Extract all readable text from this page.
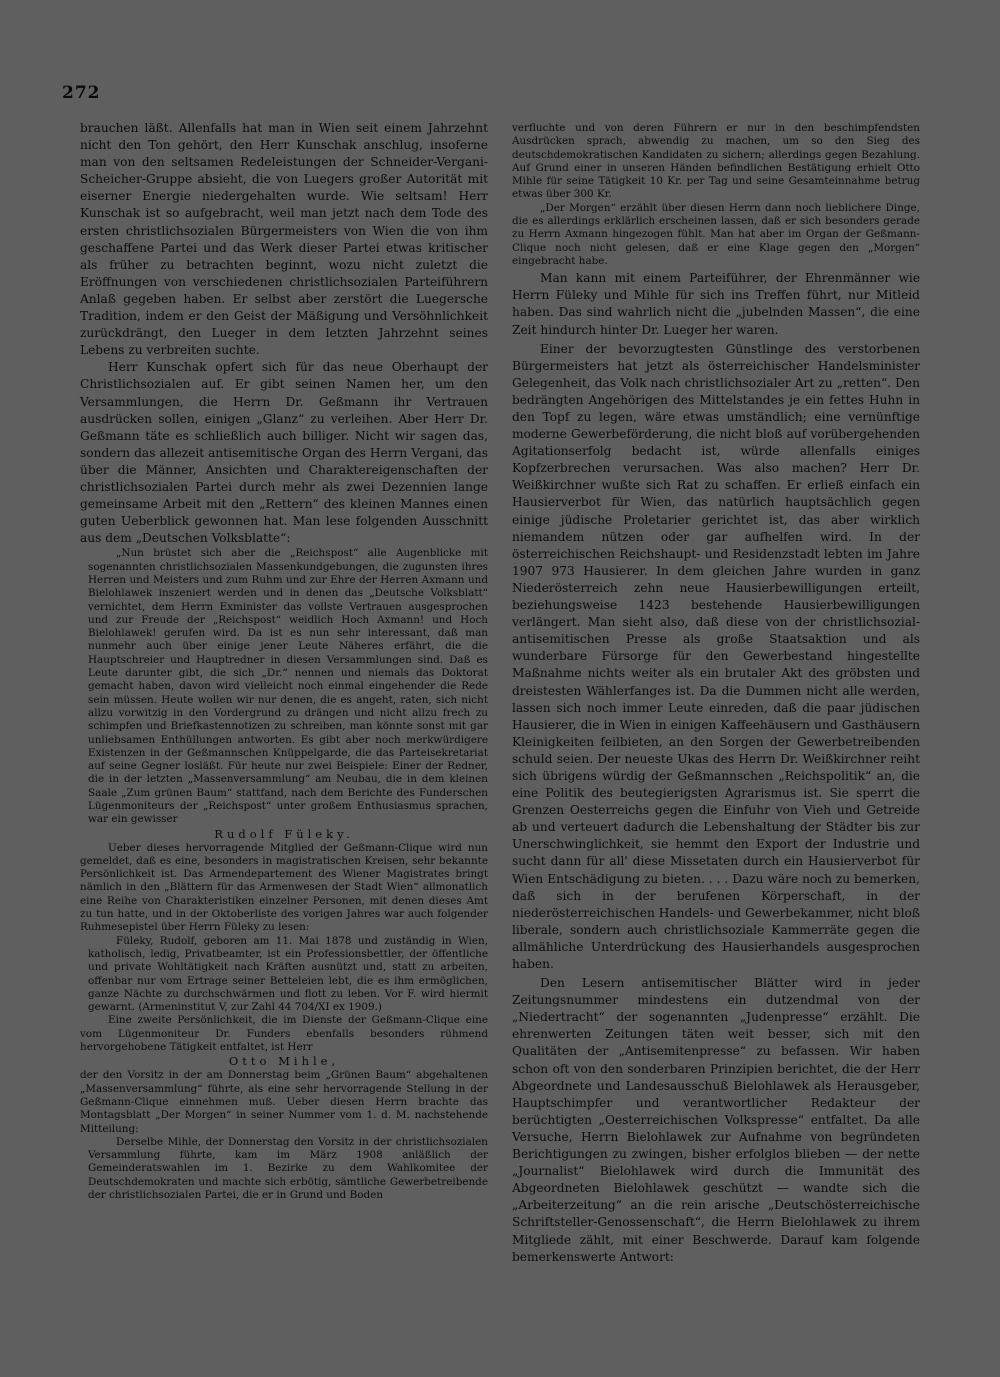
272

brauchen läßt. Allenfalls hat man in Wien seit einem Jahrzehnt nicht den Ton gehört, den Herr Kunschak anschlug, insoferne man von den seltsamen Redeleistungen der Schneider-Vergani-Scheicher-Gruppe absieht, die von Luegers großer Autorität mit eiserner Energie niedergehalten wurde. Wie seltsam! Herr Kunschak ist so aufgebracht, weil man jetzt nach dem Tode des ersten christlichsozialen Bürgermeisters von Wien die von ihm geschaffene Partei und das Werk dieser Partei etwas kritischer als früher zu betrachten beginnt, wozu nicht zuletzt die Eröffnungen von verschiedenen christlichsozialen Parteiführern Anlaß gegeben haben. Er selbst aber zerstört die Luegersche Tradition, indem er den Geist der Mäßigung und Versöhnlichkeit zurückdrängt, den Lueger in dem letzten Jahrzehnt seines Lebens zu verbreiten suchte.

Herr Kunschak opfert sich für das neue Oberhaupt der Christlichsozialen auf. Er gibt seinen Namen her, um den Versammlungen, die Herrn Dr. Geßmann ihr Vertrauen ausdrücken sollen, einigen „Glanz“ zu verleihen. Aber Herr Dr. Geßmann täte es schließlich auch billiger. Nicht wir sagen das, sondern das allezeit antisemitische Organ des Herrn Vergani, das über die Männer, Ansichten und Charaktereigenschaften der christlichsozialen Partei durch mehr als zwei Dezennien lange gemeinsame Arbeit mit den „Rettern“ des kleinen Mannes einen guten Ueberblick gewonnen hat. Man lese folgenden Ausschnitt aus dem „Deutschen Volksblatte“:

„Nun brüstet sich aber die „Reichspost“ alle Augenblicke mit sogenannten christlichsozialen Massenkundgebungen, die zugunsten ihres Herren und Meisters und zum Ruhm und zur Ehre der Herren Axmann und Bielohlawek inszeniert werden und in denen das „Deutsche Volksblatt“ vernichtet, dem Herrn Exminister das vollste Vertrauen ausgesprochen und zur Freude der „Reichspost“ weidlich Hoch Axmann! und Hoch Bielohlawek! gerufen wird. Da ist es nun sehr interessant, daß man nunmehr auch über einige jener Leute Näheres erfährt, die die Hauptschreier und Hauptredner in diesen Versammlungen sind. Daß es Leute darunter gibt, die sich „Dr.“ nennen und niemals das Doktorat gemacht haben, davon wird vielleicht noch einmal eingehender die Rede sein müssen. Heute wollen wir nur denen, die es angeht, raten, sich nicht allzu vorwitzig in den Vordergrund zu drängen und nicht allzu frech zu schimpfen und Briefkastennotizen zu schreiben, man könnte sonst mit gar unliebsamen Enthüllungen antworten. Es gibt aber noch merkwürdigere Existenzen in der Geßmannschen Knüppelgarde, die das Parteisekretariat auf seine Gegner losläßt. Für heute nur zwei Beispiele: Einer der Redner, die in der letzten „Massenversammlung“ am Neubau, die in dem kleinen Saale „Zum grünen Baum“ stattfand, nach dem Berichte des Funderschen Lügenmoniteurs der „Reichspost“ unter großem Enthusiasmus sprachen, war ein gewisser

Rudolf Füleky.

Ueber dieses hervorragende Mitglied der Geßmann-Clique wird nun gemeldet, daß es eine, besonders in magistratischen Kreisen, sehr bekannte Persönlichkeit ist. Das Armendepartement des Wiener Magistrates bringt nämlich in den „Blättern für das Armenwesen der Stadt Wien“ allmonatlich eine Reihe von Charakteristiken einzelner Personen, mit denen dieses Amt zu tun hatte, und in der Oktoberliste des vorigen Jahres war auch folgender Ruhmesepistel über Herrn Füleky zu lesen:

Füleky, Rudolf, geboren am 11. Mai 1878 und zuständig in Wien, katholisch, ledig, Privatbeamter, ist ein Professionsbettler, der öffentliche und private Wohltätigkeit nach Kräften ausnützt und, statt zu arbeiten, offenbar nur vom Ertrage seiner Betteleien lebt, die es ihm ermöglichen, ganze Nächte zu durchschwärmen und flott zu leben. Vor F. wird hiermit gewarnt. (Armeninstitut V, zur Zahl 44 704/XI ex 1909.)

Eine zweite Persönlichkeit, die im Dienste der Geßmann-Clique eine vom Lügenmoniteur Dr. Funders ebenfalls besonders rühmend hervorgehobene Tätigkeit entfaltet, ist Herr

Otto Mihle,

der den Vorsitz in der am Donnerstag beim „Grünen Baum“ abgehaltenen „Massenversammlung“ führte, als eine sehr hervorragende Stellung in der Geßmann-Clique einnehmen muß. Ueber diesen Herrn brachte das Montagsblatt „Der Morgen“ in seiner Nummer vom 1. d. M. nachstehende Mitteilung:

Derselbe Mihle, der Donnerstag den Vorsitz in der christlichsozialen Versammlung führte, kam im März 1908 anläßlich der Gemeinderatswahlen im 1. Bezirke zu dem Wahlkomitee der Deutschdemokraten und machte sich erbötig, sämtliche Gewerbetreibende der christlichsozialen Partei, die er in Grund und Boden

verfluchte und von deren Führern er nur in den beschimpfendsten Ausdrücken sprach, abwendig zu machen, um so den Sieg des deutschdemokratischen Kandidaten zu sichern; allerdings gegen Bezahlung. Auf Grund einer in unseren Händen befindlichen Bestätigung erhielt Otto Mihle für seine Tätigkeit 10 Kr. per Tag und seine Gesamteinnahme betrug etwas über 300 Kr.

„Der Morgen“ erzählt über diesen Herrn dann noch lieblichere Dinge, die es allerdings erklärlich erscheinen lassen, daß er sich besonders gerade zu Herrn Axmann hingezogen fühlt. Man hat aber im Organ der Geßmann-Clique noch nicht gelesen, daß er eine Klage gegen den „Morgen“ eingebracht habe.

Man kann mit einem Parteiführer, der Ehrenmänner wie Herrn Füleky und Mihle für sich ins Treffen führt, nur Mitleid haben. Das sind wahrlich nicht die „jubelnden Massen“, die eine Zeit hindurch hinter Dr. Lueger her waren.

Einer der bevorzugtesten Günstlinge des verstorbenen Bürgermeisters hat jetzt als österreichischer Handelsminister Gelegenheit, das Volk nach christlichsozialer Art zu „retten“. Den bedrängten Angehörigen des Mittelstandes je ein fettes Huhn in den Topf zu legen, wäre etwas umständlich; eine vernünftige moderne Gewerbeförderung, die nicht bloß auf vorübergehenden Agitationserfolg bedacht ist, würde allenfalls einiges Kopfzerbrechen verursachen. Was also machen? Herr Dr. Weißkirchner wußte sich Rat zu schaffen. Er erließ einfach ein Hausierverbot für Wien, das natürlich hauptsächlich gegen einige jüdische Proletarier gerichtet ist, das aber wirklich niemandem nützen oder gar aufhelfen wird. In der österreichischen Reichshaupt- und Residenzstadt lebten im Jahre 1907 973 Hausierer. In dem gleichen Jahre wurden in ganz Niederösterreich zehn neue Hausierbewilligungen erteilt, beziehungsweise 1423 bestehende Hausierbewilligungen verlängert. Man sieht also, daß diese von der christlichsozial-antisemitischen Presse als große Staatsaktion und als wunderbare Fürsorge für den Gewerbestand hingestellte Maßnahme nichts weiter als ein brutaler Akt des gröbsten und dreistesten Wählerfanges ist. Da die Dummen nicht alle werden, lassen sich noch immer Leute einreden, daß die paar jüdischen Hausierer, die in Wien in einigen Kaffeehäusern und Gasthäusern Kleinigkeiten feilbieten, an den Sorgen der Gewerbetreibenden schuld seien. Der neueste Ukas des Herrn Dr. Weißkirchner reiht sich übrigens würdig der Geßmannschen „Reichspolitik“ an, die eine Politik des beutegierigsten Agrarismus ist. Sie sperrt die Grenzen Oesterreichs gegen die Einfuhr von Vieh und Getreide ab und verteuert dadurch die Lebenshaltung der Städter bis zur Unerschwinglichkeit, sie hemmt den Export der Industrie und sucht dann für all' diese Missetaten durch ein Hausierverbot für Wien Entschädigung zu bieten. . . . Dazu wäre noch zu bemerken, daß sich in der berufenen Körperschaft, in der niederösterreichischen Handels- und Gewerbekammer, nicht bloß liberale, sondern auch christlichsoziale Kammerräte gegen die allmähliche Unterdrückung des Hausierhandels ausgesprochen haben.

Den Lesern antisemitischer Blätter wird in jeder Zeitungsnummer mindestens ein dutzendmal von der „Niedertracht“ der sogenannten „Judenpresse“ erzählt. Die ehrenwerten Zeitungen täten weit besser, sich mit den Qualitäten der „Antisemitenpresse“ zu befassen. Wir haben schon oft von den sonderbaren Prinzipien berichtet, die der Herr Abgeordnete und Landesausschuß Bielohlawek als Herausgeber, Hauptschimpfer und verantwortlicher Redakteur der berüchtigten „Oesterreichischen Volkspresse“ entfaltet. Da alle Versuche, Herrn Bielohlawek zur Aufnahme von begründeten Berichtigungen zu zwingen, bisher erfolglos blieben — der nette „Journalist“ Bielohlawek wird durch die Immunität des Abgeordneten Bielohlawek geschützt — wandte sich die „Arbeiterzeitung“ an die rein arische „Deutschösterreichische Schriftsteller-Genossenschaft“, die Herrn Bielohlawek zu ihrem Mitgliede zählt, mit einer Beschwerde. Darauf kam folgende bemerkenswerte Antwort:
